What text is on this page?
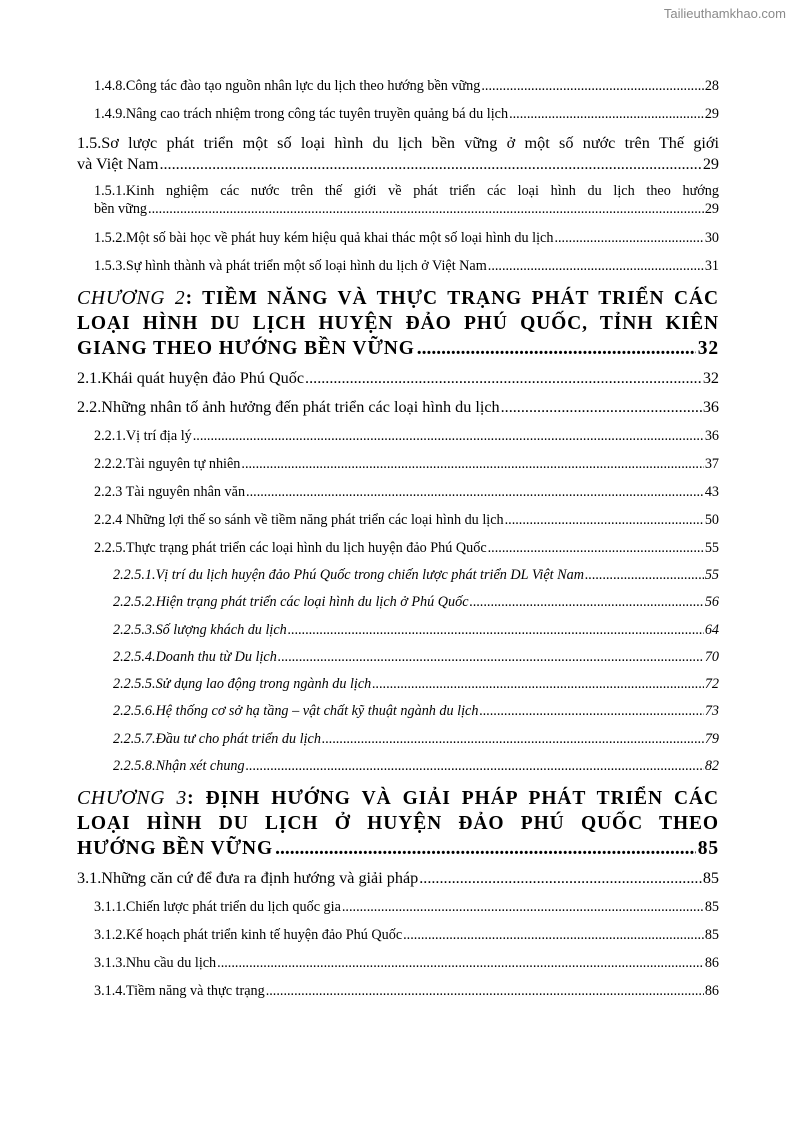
Tailieuthamkhao.com
1.4.8.Công tác đào tạo nguồn nhân lực du lịch theo hướng bền vững .....	28
1.4.9.Nâng cao trách nhiệm trong công tác tuyên truyền quảng bá du lịch .....	29
1.5.Sơ lược phát triển một số loại hình du lịch bền vững ở một số nước trên Thế giới
và Việt Nam .....	29
1.5.1.Kinh nghiệm các nước trên thế giới về phát triển các loại hình du lịch theo hướng
bền vững .....	29
1.5.2.Một số bài học về phát huy kém hiệu quả khai thác một số loại hình du lịch .....	30
1.5.3.Sự hình thành và phát triển một số loại hình du lịch ở Việt Nam .....	31
CHƯƠNG 2: TIỀM NĂNG VÀ THỰC TRẠNG PHÁT TRIỂN CÁC
LOẠI HÌNH DU LỊCH HUYỆN ĐẢO PHÚ QUỐC, TỈNH KIÊN
GIANG THEO HƯỚNG BỀN VỮNG .....	32
2.1.Khái quát huyện đảo Phú Quốc .....	32
2.2.Những nhân tố ảnh hưởng đến phát triển các loại hình du lịch .....	36
2.2.1.Vị trí địa lý .....	36
2.2.2.Tài nguyên tự nhiên .....	37
2.2.3 Tài nguyên nhân văn .....	43
2.2.4 Những lợi thế so sánh về tiềm năng phát triển các loại hình du lịch .....	50
2.2.5.Thực trạng phát triển các loại hình du lịch huyện đảo Phú Quốc .....	55
2.2.5.1.Vị trí du lịch huyện đảo Phú Quốc trong chiến lược phát triển DL Việt Nam .....	55
2.2.5.2.Hiện trạng phát triển các loại hình du lịch ở Phú Quốc .....	56
2.2.5.3.Số lượng khách du lịch .....	64
2.2.5.4.Doanh thu từ Du lịch .....	70
2.2.5.5.Sử dụng lao động trong ngành du lịch .....	72
2.2.5.6.Hệ thống cơ sở hạ tầng – vật chất kỹ thuật ngành du lịch .....	73
2.2.5.7.Đầu tư cho phát triển du lịch .....	79
2.2.5.8.Nhận xét chung .....	82
CHƯƠNG 3: ĐỊNH HƯỚNG VÀ GIẢI PHÁP PHÁT TRIỂN CÁC
LOẠI HÌNH DU LỊCH Ở HUYỆN ĐẢO PHÚ QUỐC THEO
HƯỚNG BỀN VỮNG .....	85
3.1.Những căn cứ để đưa ra định hướng và giải pháp .....	85
3.1.1.Chiến lược phát triển du lịch quốc gia .....	85
3.1.2.Kế hoạch phát triển kinh tế huyện đảo Phú Quốc .....	85
3.1.3.Nhu cầu du lịch .....	86
3.1.4.Tiềm năng và thực trạng .....	86
